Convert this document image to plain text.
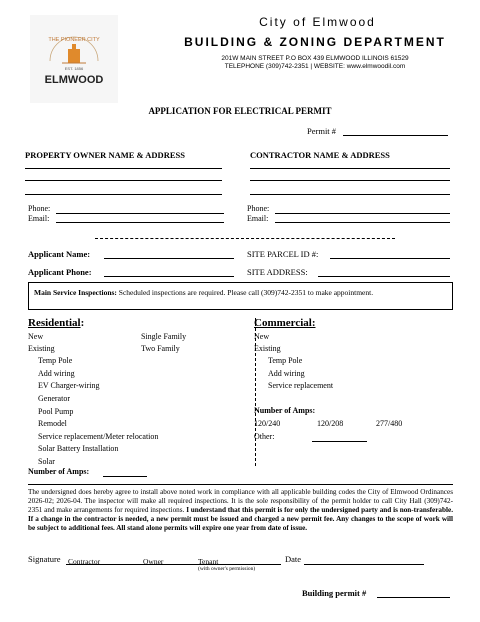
THE PIONEER CITY
EST. 1856
ELMWOOD
City of Elmwood
BUILDING & ZONING DEPARTMENT
201W MAIN STREET P.O BOX 439 ELMWOOD ILLINOIS 61529
TELEPHONE (309)742-2351 | WEBSITE: www.elmwoodil.com
APPLICATION FOR ELECTRICAL PERMIT
Permit #
PROPERTY OWNER NAME & ADDRESS	CONTRACTOR NAME & ADDRESS
Phone:
Email:
Phone:
Email:
Applicant Name:	SITE PARCEL ID #:
Applicant Phone:	SITE ADDRESS:
Main Service Inspections: Scheduled inspections are required. Please call (309)742-2351 to make appointment.
Residential:
New
Existing
Single Family
Two Family
Temp Pole
Add wiring
EV Charger-wiring
Generator
Pool Pump
Remodel
Service replacement/Meter relocation
Solar Battery Installation
Solar
Number of Amps:
Commercial:
New
Existing
Temp Pole
Add wiring
Service replacement
Number of Amps:
120/240	120/208	277/480
Other:
The undersigned does hereby agree to install above noted work in compliance with all applicable building codes the City of Elmwood Ordinances 2026-02; 2026-04. The inspector will make all required inspections. It is the sole responsibility of the permit holder to call City Hall (309)742-2351 and make arrangements for required inspections. I understand that this permit is for only the undersigned party and is non-transferable. If a change in the contractor is needed, a new permit must be issued and charged a new permit fee. Any changes to the scope of work will be subject to additional fees. All stand alone permits will expire one year from date of issue.
Signature Contractor	Owner	Tenant
(with owner's permission)
Date
Building permit #
